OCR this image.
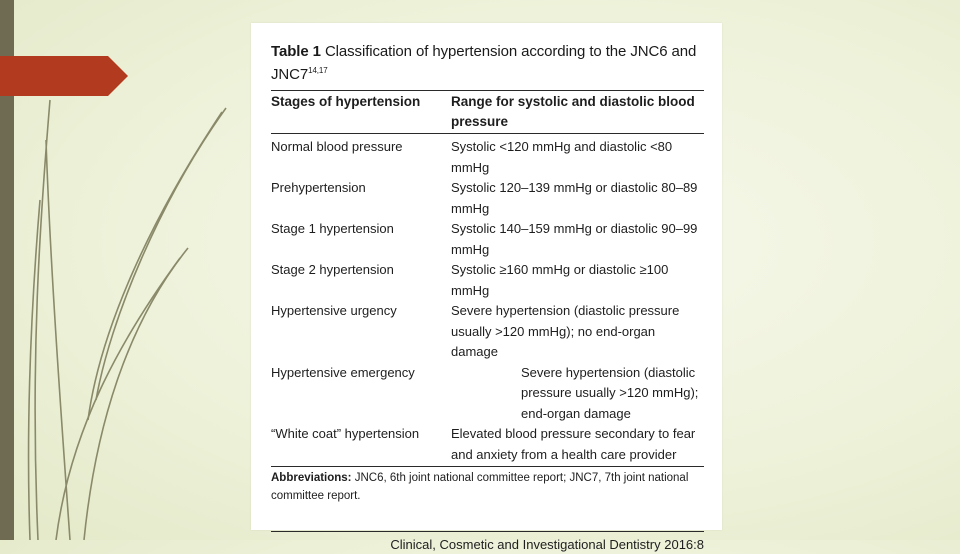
Table 1 Classification of hypertension according to the JNC6 and JNC7$^{14,17}$
Stages of hypertension	Range for systolic and diastolic blood pressure
Normal blood pressure	Systolic <120 mmHg and diastolic <80 mmHg
Prehypertension	Systolic 120–139 mmHg or diastolic 80–89 mmHg
Stage 1 hypertension	Systolic 140–159 mmHg or diastolic 90–99 mmHg
Stage 2 hypertension	Systolic ≥160 mmHg or diastolic ≥100 mmHg
Hypertensive urgency	Severe hypertension (diastolic pressure usually >120 mmHg); no end-organ damage
Hypertensive emergency	Severe hypertension (diastolic pressure usually >120 mmHg); end-organ damage
“White coat” hypertension	Elevated blood pressure secondary to fear and anxiety from a health care provider
Abbreviations: JNC6, 6th joint national committee report; JNC7, 7th joint national committee report.
Clinical, Cosmetic and Investigational Dentistry 2016:8
